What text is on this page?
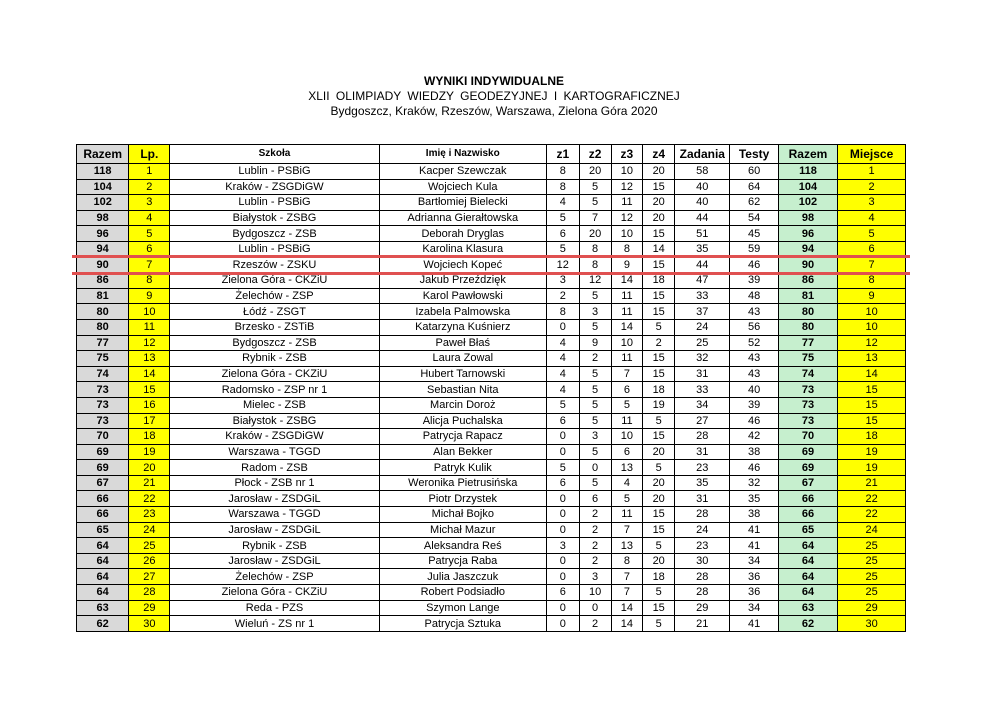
WYNIKI INDYWIDUALNE
XLII OLIMPIADY WIEDZY GEODEZYJNEJ I KARTOGRAFICZNEJ
Bydgoszcz, Kraków, Rzeszów, Warszawa, Zielona Góra 2020
Razem	Lp.	Szkoła	Imię i Nazwisko	z1	z2	z3	z4	Zadania	Testy	Razem	Miejsce
118	1	Lublin - PSBiG	Kacper Szewczak	8	20	10	20	58	60	118	1
104	2	Kraków - ZSGDiGW	Wojciech Kula	8	5	12	15	40	64	104	2
102	3	Lublin - PSBiG	Bartłomiej Bielecki	4	5	11	20	40	62	102	3
98	4	Białystok - ZSBG	Adrianna Gierałtowska	5	7	12	20	44	54	98	4
96	5	Bydgoszcz - ZSB	Deborah Dryglas	6	20	10	15	51	45	96	5
94	6	Lublin - PSBiG	Karolina Klasura	5	8	8	14	35	59	94	6
90	7	Rzeszów - ZSKU	Wojciech Kopeć	12	8	9	15	44	46	90	7
86	8	Zielona Góra - CKZiU	Jakub Przeździęk	3	12	14	18	47	39	86	8
81	9	Żelechów - ZSP	Karol Pawłowski	2	5	11	15	33	48	81	9
80	10	Łódź - ZSGT	Izabela Palmowska	8	3	11	15	37	43	80	10
80	11	Brzesko - ZSTiB	Katarzyna Kuśnierz	0	5	14	5	24	56	80	10
77	12	Bydgoszcz - ZSB	Paweł Błaś	4	9	10	2	25	52	77	12
75	13	Rybnik - ZSB	Laura Zowal	4	2	11	15	32	43	75	13
74	14	Zielona Góra - CKZiU	Hubert Tarnowski	4	5	7	15	31	43	74	14
73	15	Radomsko - ZSP nr 1	Sebastian Nita	4	5	6	18	33	40	73	15
73	16	Mielec - ZSB	Marcin Doroż	5	5	5	19	34	39	73	15
73	17	Białystok - ZSBG	Alicja Puchalska	6	5	11	5	27	46	73	15
70	18	Kraków - ZSGDiGW	Patrycja Rapacz	0	3	10	15	28	42	70	18
69	19	Warszawa - TGGD	Alan Bekker	0	5	6	20	31	38	69	19
69	20	Radom - ZSB	Patryk Kulik	5	0	13	5	23	46	69	19
67	21	Płock - ZSB nr 1	Weronika Pietrusińska	6	5	4	20	35	32	67	21
66	22	Jarosław - ZSDGiL	Piotr Drzystek	0	6	5	20	31	35	66	22
66	23	Warszawa - TGGD	Michał Bojko	0	2	11	15	28	38	66	22
65	24	Jarosław - ZSDGiL	Michał Mazur	0	2	7	15	24	41	65	24
64	25	Rybnik - ZSB	Aleksandra Reś	3	2	13	5	23	41	64	25
64	26	Jarosław - ZSDGiL	Patrycja Raba	0	2	8	20	30	34	64	25
64	27	Żelechów - ZSP	Julia Jaszczuk	0	3	7	18	28	36	64	25
64	28	Zielona Góra - CKZiU	Robert Podsiadło	6	10	7	5	28	36	64	25
63	29	Reda - PZS	Szymon Lange	0	0	14	15	29	34	63	29
62	30	Wieluń - ZS nr 1	Patrycja Sztuka	0	2	14	5	21	41	62	30
